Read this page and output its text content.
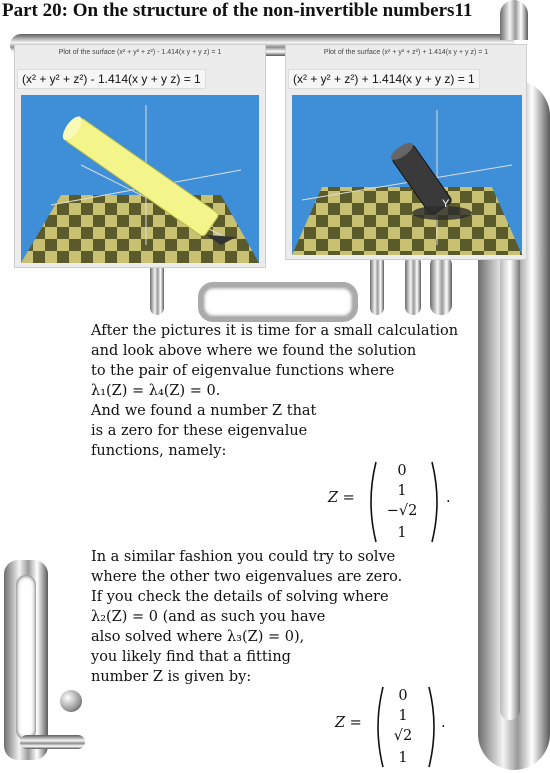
Part 20: On the structure of the non-invertible numbers11
Plot of the surface (x² + y² + z²) - 1.414(x y + y z) = 1
(x² + y² + z²) - 1.414(x y + y z) = 1
Plot of the surface (x² + y² + z²) + 1.414(x y + y z) = 1
(x² + y² + z²) + 1.414(x y + y z) = 1
Y
After the pictures it is time for a small calculation
and look above where we found the solution
to the pair of eigenvalue functions where
λ₁(Z) = λ₄(Z) = 0.
And we found a number Z that
is a zero for these eigenvalue
functions, namely:
Z =
0
1
−√2
1
.
In a similar fashion you could try to solve
where the other two eigenvalues are zero.
If you check the details of solving where
λ₂(Z) = 0 (and as such you have
also solved where λ₃(Z) = 0),
you likely find that a fitting
number Z is given by:
Z =
0
1
√2
1
.
